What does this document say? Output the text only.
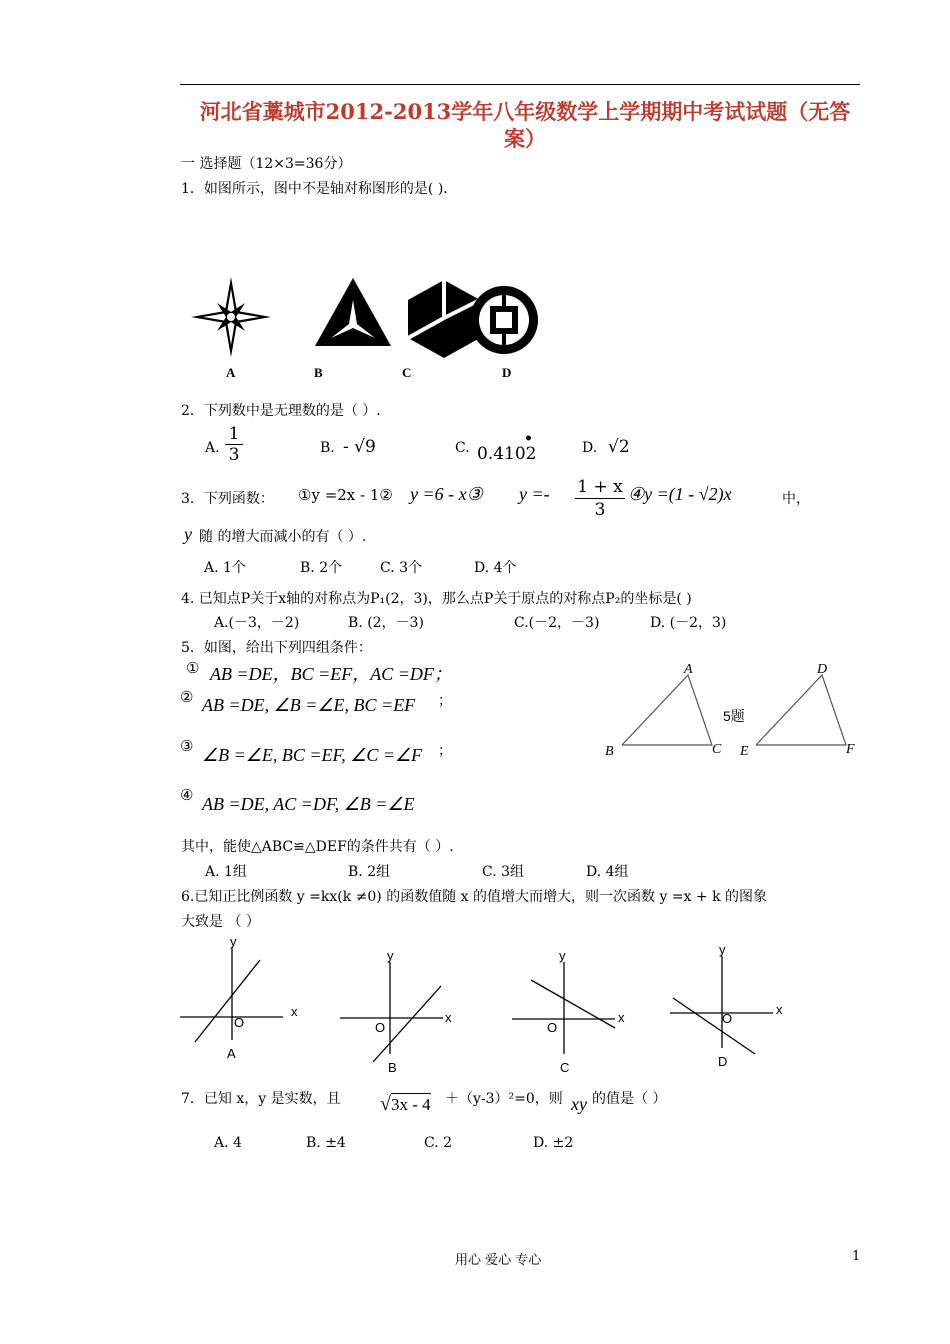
河北省藁城市2012-2013学年八年级数学上学期期中考试试题（无答
案）
一 选择题（12×3=36分）
1．如图所示，图中不是轴对称图形的是( ).
A	B	C	D
2．下列数中是无理数的是（ ）.
A. $\frac{1}{3}$	B. - √9	C. 0.4102
•
D. √2
3．下列函数： ①y =2x - 1② y =6 - x③ $y =- \frac{1 + x}{3}$ ④y =(1 - √2)x	中，
y 随 的增大而减小的有（ ）.
A. 1个	B. 2个	C. 3个	D. 4个
4. 已知点P关于x轴的对称点为P₁(2，3)，那么点P关于原点的对称点P₂的坐标是( )
A.(－3，－2)	B. (2，－3)	C.(－2，－3)	D. (－2，3)
5．如图，给出下列四组条件：
① AB =DE，BC =EF，AC =DF；
② AB =DE, ∠B =∠E, BC =EF ；
③ ∠B =∠E, BC =EF, ∠C =∠F ；
④ AB =DE, AC =DF, ∠B =∠E
A
B	C
D
E	F
5题
其中，能使△ABC≌△DEF的条件共有（ ）.
A. 1组	B. 2组	C. 3组	D. 4组
6.已知正比例函数 y =kx(k ≠0) 的函数值随 x 的值增大而增大，则一次函数 y =x + k 的图象
大致是 （ ）
y
x
O
A
y
x
O
B
y
x
O
C
y
x
O
D
7．已知 x，y 是实数，且 √3x - 4 ＋（y-3）²=0，则 xy 的值是（ ）
A. 4	B. ±4	C. 2	D. ±2
用心 爱心 专心	1
